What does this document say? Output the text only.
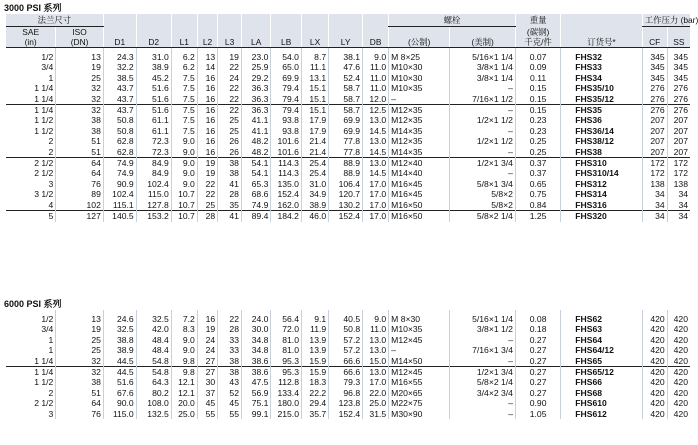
3000 PSI 系列
法兰尺寸												螺栓		重量		工作压力 (bar)	
SAE	ISO													(碳钢)			
(in)	(DN)	D1	D2	L1	L2	L3	LA	LB	LX	LY	DB	(公制)	(美制)	千克/件	订货号*	CF	SS

1/2	13	24.3	31.0	6.2	13	19	23.0	54.0	8.7	38.1	9.0	M 8×25	5/16×1 1/4	0.07	FHS32	345	345
3/4	19	32.2	38.9	6.2	14	22	25.9	65.0	11.1	47.6	11.0	M10×30	3/8×1 1/4	0.09	FHS33	345	345
1	25	38.5	45.2	7.5	16	24	29.2	69.9	13.1	52.4	11.0	M10×30	3/8×1 1/4	0.11	FHS34	345	345
1 1/4	32	43.7	51.6	7.5	16	22	36.3	79.4	15.1	58.7	11.0	M10×35	–	0.15	FHS35/10	276	276
1 1/4	32	43.7	51.6	7.5	16	22	36.3	79.4	15.1	58.7	12.0	–	7/16×1 1/2	0.15	FHS35/12	276	276
1 1/4	32	43.7	51.6	7.5	16	22	36.3	79.4	15.1	58.7	12.5	M12×35	–	0.15	FHS35	276	276
1 1/2	38	50.8	61.1	7.5	16	25	41.1	93.8	17.9	69.9	13.0	M12×35	1/2×1 1/2	0.23	FHS36	207	207
1 1/2	38	50.8	61.1	7.5	16	25	41.1	93.8	17.9	69.9	14.5	M14×35	–	0.23	FHS36/14	207	207
2	51	62.8	72.3	9.0	16	26	48.2	101.6	21.4	77.8	13.0	M12×35	1/2×1 1/2	0.25	FHS38/12	207	207
2	51	62.8	72.3	9.0	16	26	48.2	101.6	21.4	77.8	14.5	M14×35	–	0.25	FHS38	207	207
2 1/2	64	74.9	84.9	9.0	19	38	54.1	114.3	25.4	88.9	13.0	M12×40	1/2×1 3/4	0.37	FHS310	172	172
2 1/2	64	74.9	84.9	9.0	19	38	54.1	114.3	25.4	88.9	14.5	M14×40	–	0.37	FHS310/14	172	172
3	76	90.9	102.4	9.0	22	41	65.3	135.0	31.0	106.4	17.0	M16×45	5/8×1 3/4	0.65	FHS312	138	138
3 1/2	89	102.4	115.0	10.7	22	28	68.6	152.4	34.9	120.7	17.0	M16×45	5/8×2	0.75	FHS314	34	34
4	102	115.1	127.8	10.7	25	35	74.9	162.0	38.9	130.2	17.0	M16×50	5/8×2	0.84	FHS316	34	34
5	127	140.5	153.2	10.7	28	41	89.4	184.2	46.0	152.4	17.0	M16×50	5/8×2 1/4	1.25	FHS320	34	34
6000 PSI 系列

1/2	13	24.6	32.5	7.2	16	22	24.0	56.4	9.1	40.5	9.0	M 8×30	5/16×1 1/4	0.08	FHS62	420	420
3/4	19	32.5	42.0	8.3	19	28	30.0	72.0	11.9	50.8	11.0	M10×35	3/8×1 1/2	0.18	FHS63	420	420
1	25	38.8	48.4	9.0	24	33	34.8	81.0	13.9	57.2	13.0	M12×45	–	0.27	FHS64	420	420
1	25	38.9	48.4	9.0	24	33	34.8	81.0	13.9	57.2	13.0	–	7/16×1 3/4	0.27	FHS64/12	420	420
1 1/4	32	44.5	54.8	9.8	27	38	38.6	95.3	15.9	66.6	15.0	M14×50	–	0.27	FHS65	420	420
1 1/4	32	44.5	54.8	9.8	27	38	38.6	95.3	15.9	66.6	13.0	M12×45	1/2×1 3/4	0.27	FHS65/12	420	420
1 1/2	38	51.6	64.3	12.1	30	43	47.5	112.8	18.3	79.3	17.0	M16×55	5/8×2 1/4	0.27	FHS66	420	420
2	51	67.6	80.2	12.1	37	52	56.9	133.4	22.2	96.8	22.0	M20×65	3/4×2 3/4	0.27	FHS68	420	420
2 1/2	64	90.0	108.0	20.0	45	45	75.1	180.0	29.4	123.8	25.0	M22×75	–	0.90	FHS610	420	420
3	76	115.0	132.5	25.0	55	55	99.1	215.0	35.7	152.4	31.5	M30×90	–	1.05	FHS612	420	420
